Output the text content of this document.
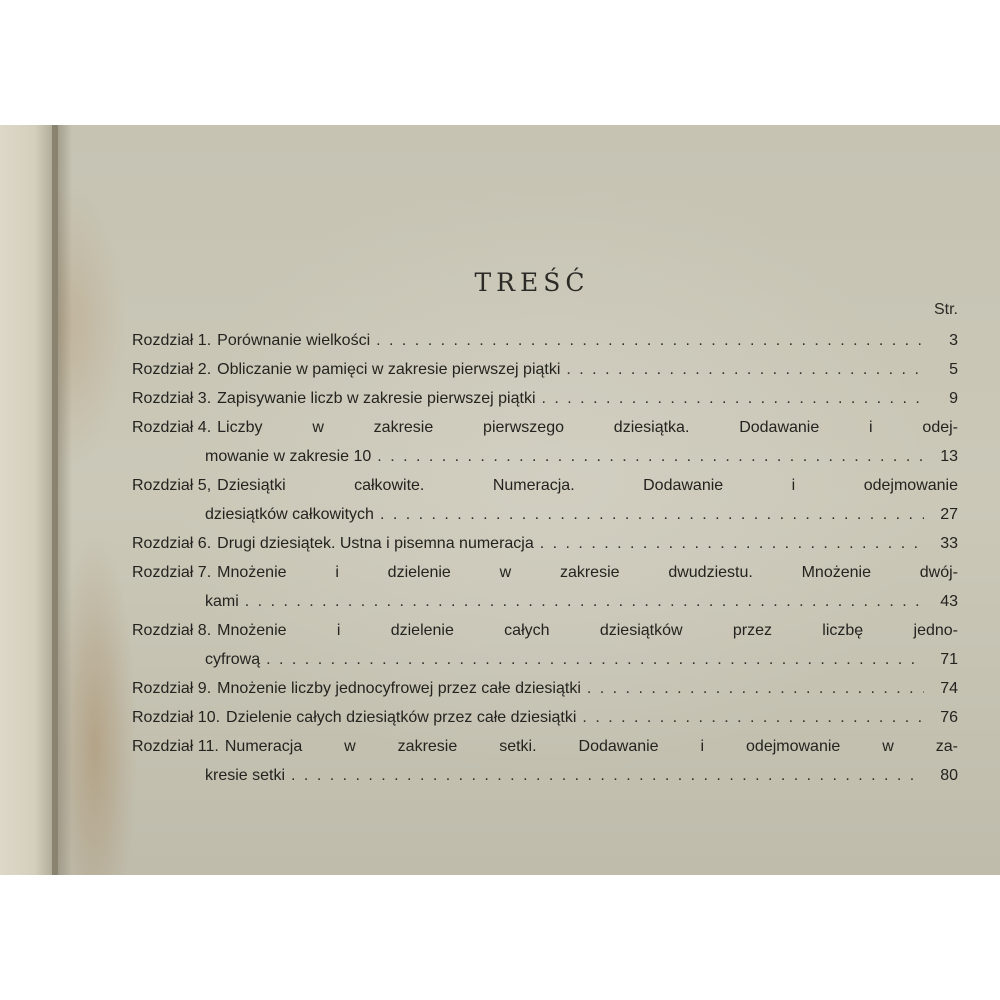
TREŚĆ
Str.
Rozdział 1. Porównanie wielkości . . .	3
Rozdział 2. Obliczanie w pamięci w zakresie pierwszej piątki . . .	5
Rozdział 3. Zapisywanie liczb w zakresie pierwszej piątki . . .	9
Rozdział 4. Liczby w zakresie pierwszego dziesiątka. Dodawanie i odej-
mowanie w zakresie 10 . . .	13
Rozdział 5, Dziesiątki całkowite. Numeracja. Dodawanie i odejmowanie
dziesiątków całkowitych . . .	27
Rozdział 6. Drugi dziesiątek. Ustna i pisemna numeracja . . .	33
Rozdział 7. Mnożenie i dzielenie w zakresie dwudziestu. Mnożenie dwój-
kami . . .	43
Rozdział 8. Mnożenie i dzielenie całych dziesiątków przez liczbę jedno-
cyfrową . . .	71
Rozdział 9. Mnożenie liczby jednocyfrowej przez całe dziesiątki . . .	74
Rozdział 10. Dzielenie całych dziesiątków przez całe dziesiątki . . .	76
Rozdział 11. Numeracja w zakresie setki. Dodawanie i odejmowanie w za-
kresie setki . . .	80
